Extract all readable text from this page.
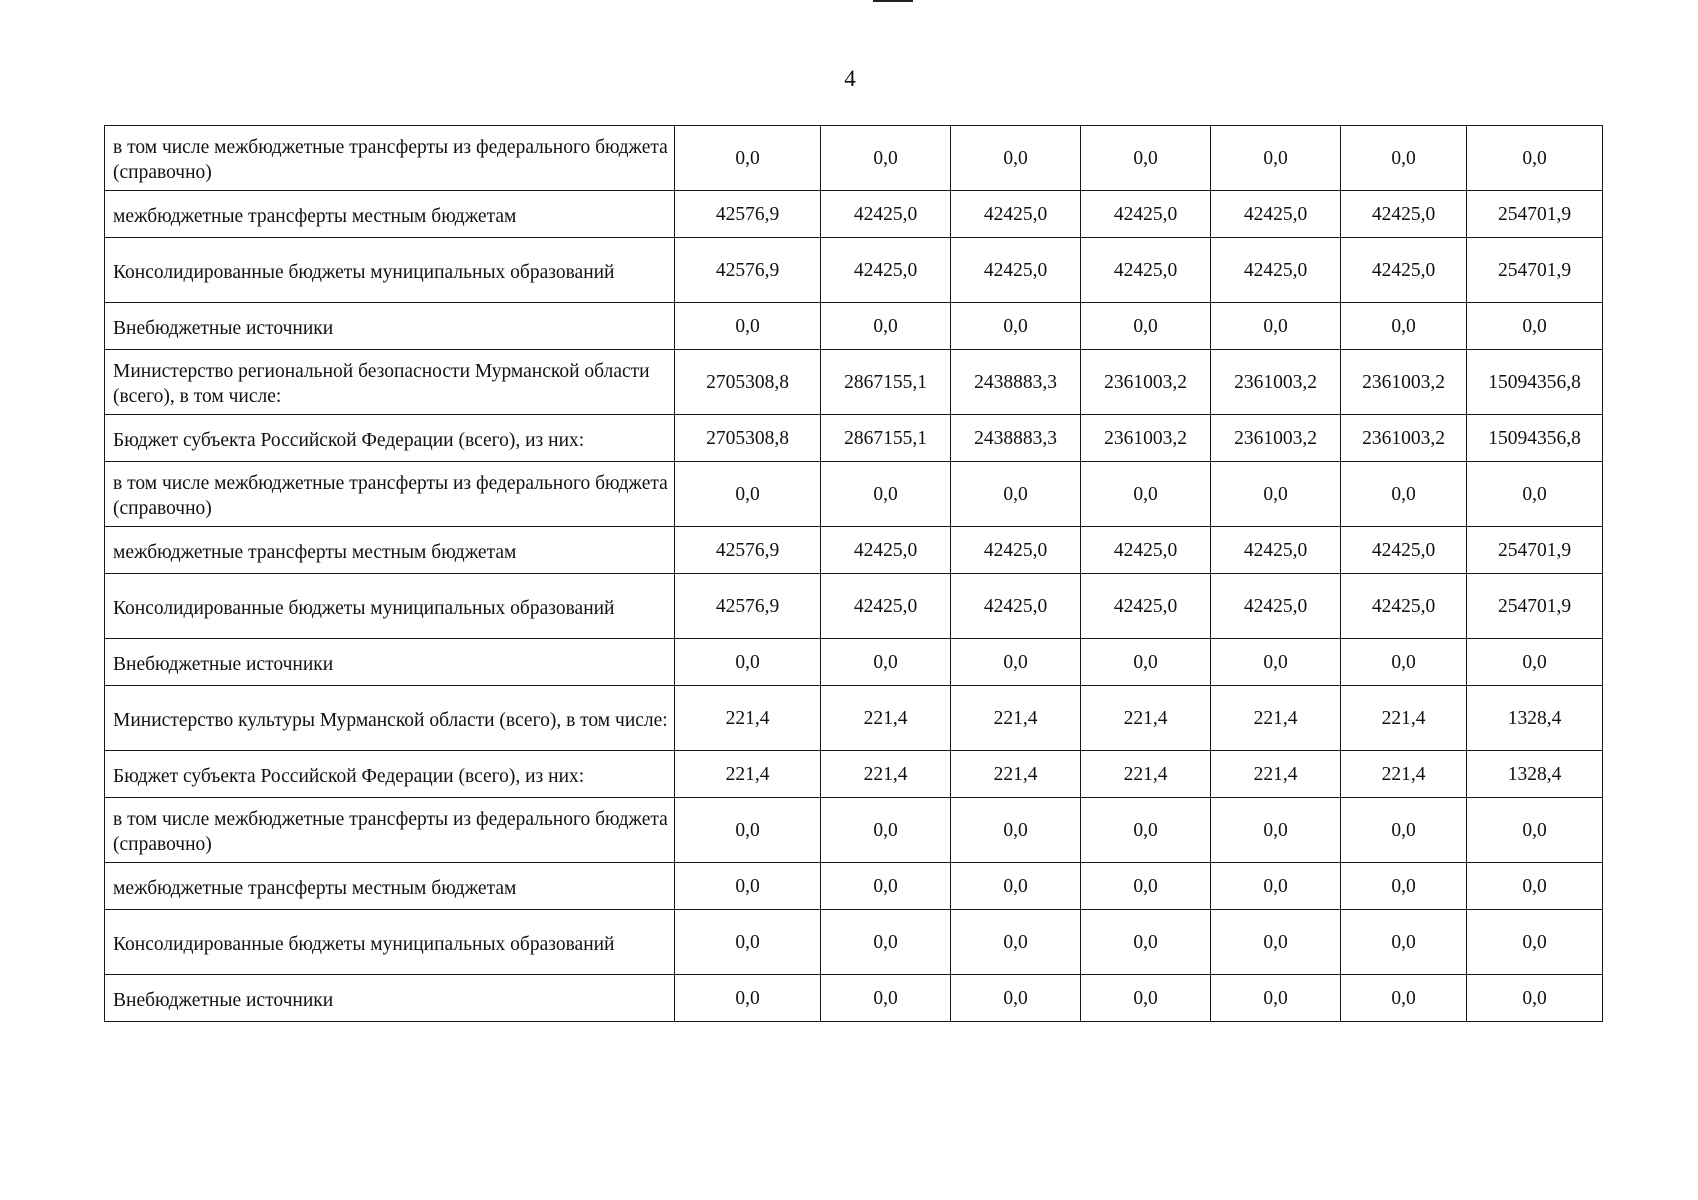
4
в том числе межбюджетные трансферты из федерального бюджета (справочно)	0,0	0,0	0,0	0,0	0,0	0,0	0,0
межбюджетные трансферты местным бюджетам	42576,9	42425,0	42425,0	42425,0	42425,0	42425,0	254701,9
Консолидированные бюджеты муниципальных образований	42576,9	42425,0	42425,0	42425,0	42425,0	42425,0	254701,9
Внебюджетные источники	0,0	0,0	0,0	0,0	0,0	0,0	0,0
Министерство региональной безопасности Мурманской области (всего), в том числе:	2705308,8	2867155,1	2438883,3	2361003,2	2361003,2	2361003,2	15094356,8
Бюджет субъекта Российской Федерации (всего), из них:	2705308,8	2867155,1	2438883,3	2361003,2	2361003,2	2361003,2	15094356,8
в том числе межбюджетные трансферты из федерального бюджета (справочно)	0,0	0,0	0,0	0,0	0,0	0,0	0,0
межбюджетные трансферты местным бюджетам	42576,9	42425,0	42425,0	42425,0	42425,0	42425,0	254701,9
Консолидированные бюджеты муниципальных образований	42576,9	42425,0	42425,0	42425,0	42425,0	42425,0	254701,9
Внебюджетные источники	0,0	0,0	0,0	0,0	0,0	0,0	0,0
Министерство культуры Мурманской области (всего), в том числе:	221,4	221,4	221,4	221,4	221,4	221,4	1328,4
Бюджет субъекта Российской Федерации (всего), из них:	221,4	221,4	221,4	221,4	221,4	221,4	1328,4
в том числе межбюджетные трансферты из федерального бюджета (справочно)	0,0	0,0	0,0	0,0	0,0	0,0	0,0
межбюджетные трансферты местным бюджетам	0,0	0,0	0,0	0,0	0,0	0,0	0,0
Консолидированные бюджеты муниципальных образований	0,0	0,0	0,0	0,0	0,0	0,0	0,0
Внебюджетные источники	0,0	0,0	0,0	0,0	0,0	0,0	0,0
